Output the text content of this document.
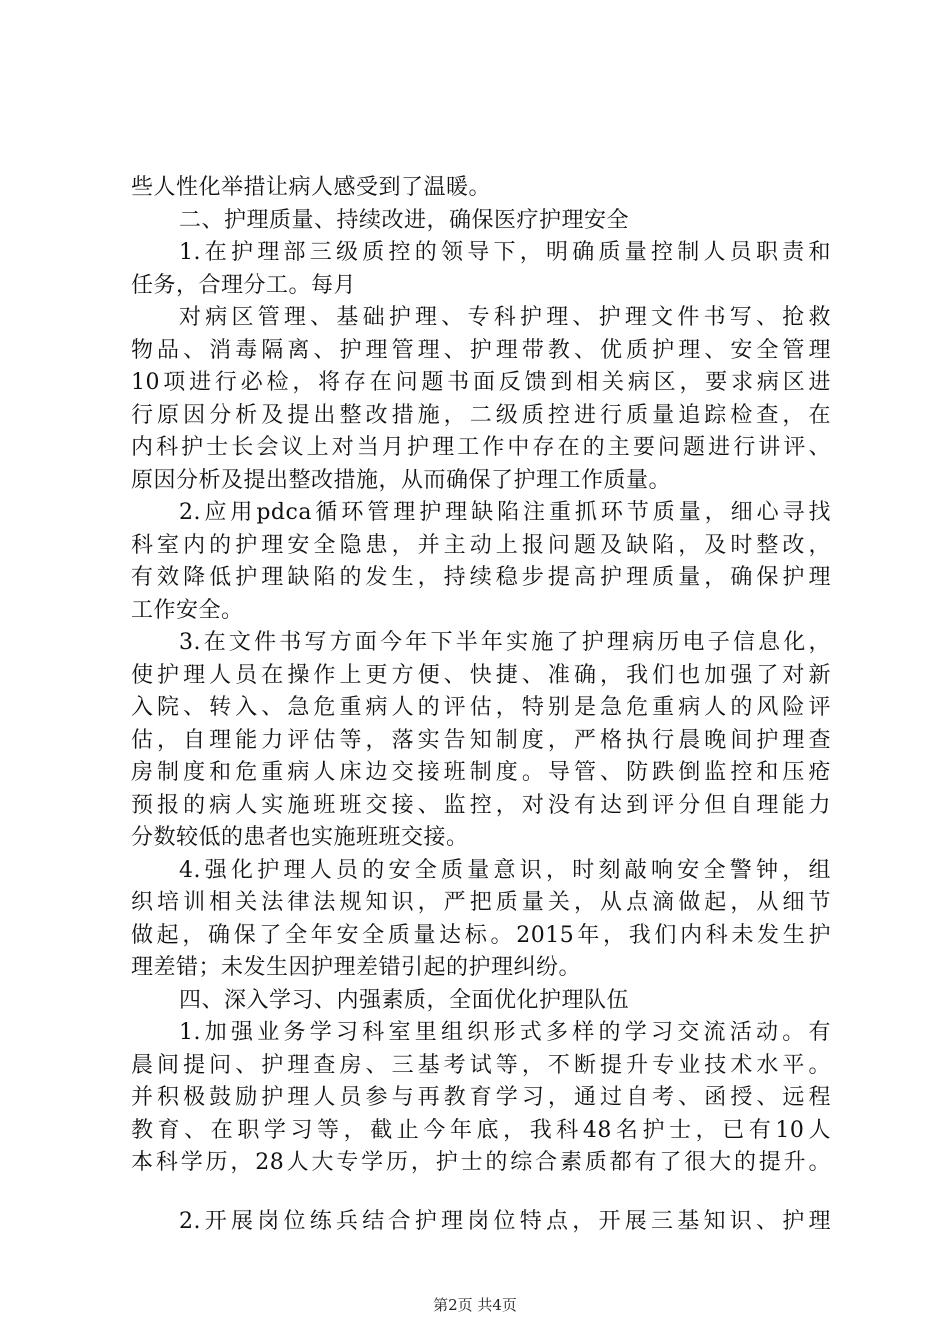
些人性化举措让病人感受到了温暖。
二、护理质量、持续改进，确保医疗护理安全
1.在护理部三级质控的领导下，明确质量控制人员职责和
任务，合理分工。每月
对病区管理、基础护理、专科护理、护理文件书写、抢救
物品、消毒隔离、护理管理、护理带教、优质护理、安全管理
10项进行必检，将存在问题书面反馈到相关病区，要求病区进
行原因分析及提出整改措施，二级质控进行质量追踪检查，在
内科护士长会议上对当月护理工作中存在的主要问题进行讲评、
原因分析及提出整改措施，从而确保了护理工作质量。
2.应用pdca循环管理护理缺陷注重抓环节质量，细心寻找
科室内的护理安全隐患，并主动上报问题及缺陷，及时整改，
有效降低护理缺陷的发生，持续稳步提高护理质量，确保护理
工作安全。
3.在文件书写方面今年下半年实施了护理病历电子信息化，
使护理人员在操作上更方便、快捷、准确，我们也加强了对新
入院、转入、急危重病人的评估，特别是急危重病人的风险评
估，自理能力评估等，落实告知制度，严格执行晨晚间护理查
房制度和危重病人床边交接班制度。导管、防跌倒监控和压疮
预报的病人实施班班交接、监控，对没有达到评分但自理能力
分数较低的患者也实施班班交接。
4.强化护理人员的安全质量意识，时刻敲响安全警钟，组
织培训相关法律法规知识，严把质量关，从点滴做起，从细节
做起，确保了全年安全质量达标。2015年，我们内科未发生护
理差错；未发生因护理差错引起的护理纠纷。
四、深入学习、内强素质，全面优化护理队伍
1.加强业务学习科室里组织形式多样的学习交流活动。有
晨间提问、护理查房、三基考试等，不断提升专业技术水平。
并积极鼓励护理人员参与再教育学习，通过自考、函授、远程
教育、在职学习等，截止今年底，我科48名护士，已有10人
本科学历，28人大专学历，护士的综合素质都有了很大的提升。
2.开展岗位练兵结合护理岗位特点，开展三基知识、护理
第2页 共4页
